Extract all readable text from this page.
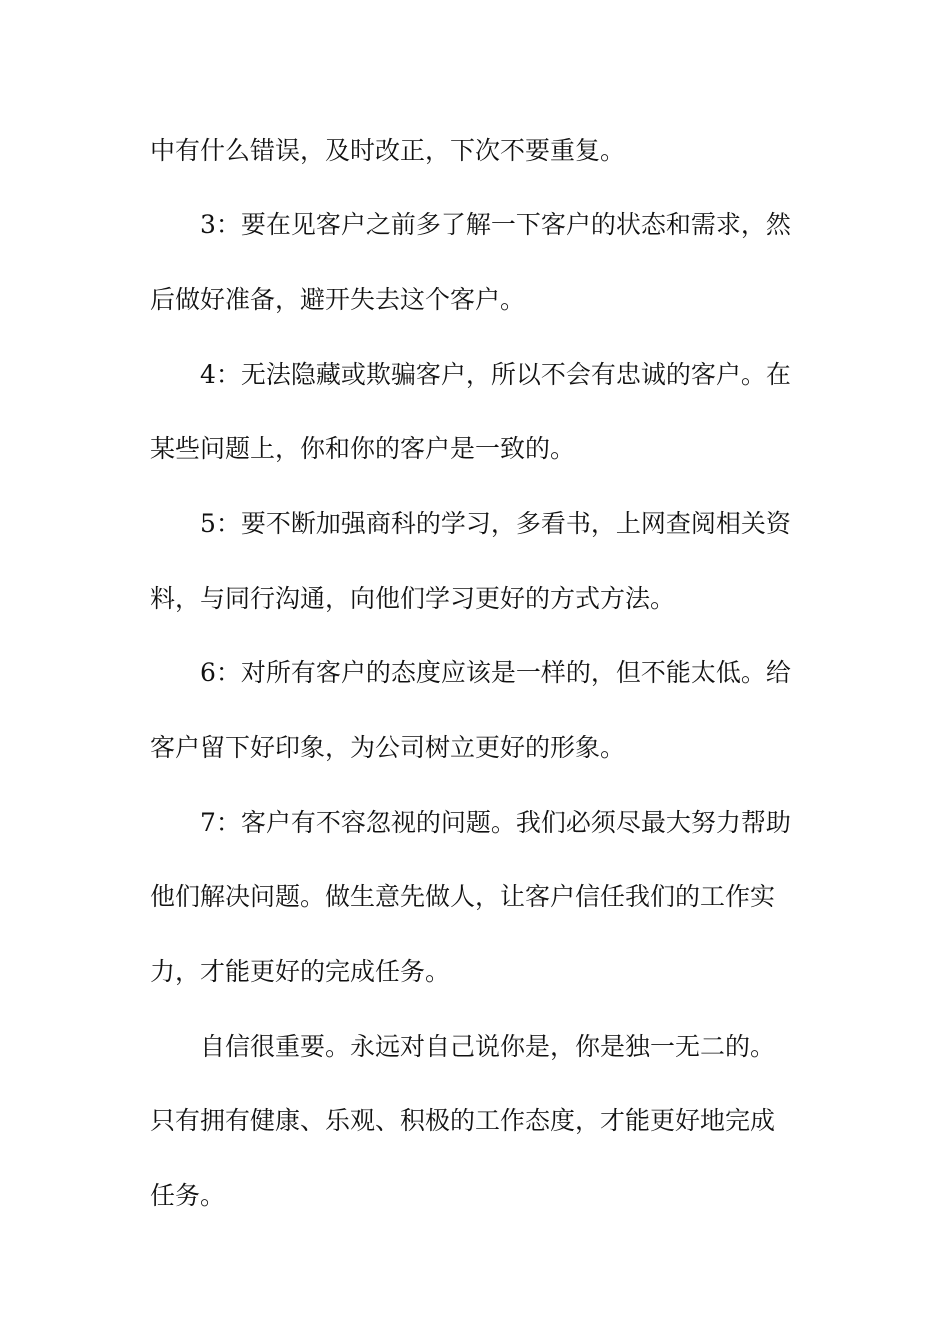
中有什么错误，及时改正，下次不要重复。
3：要在见客户之前多了解一下客户的状态和需求，然
后做好准备，避开失去这个客户。
4：无法隐藏或欺骗客户，所以不会有忠诚的客户。在
某些问题上，你和你的客户是一致的。
5：要不断加强商科的学习，多看书，上网查阅相关资
料，与同行沟通，向他们学习更好的方式方法。
6：对所有客户的态度应该是一样的，但不能太低。给
客户留下好印象，为公司树立更好的形象。
7：客户有不容忽视的问题。我们必须尽最大努力帮助
他们解决问题。做生意先做人，让客户信任我们的工作实
力，才能更好的完成任务。
自信很重要。永远对自己说你是，你是独一无二的。
只有拥有健康、乐观、积极的工作态度，才能更好地完成
任务。
